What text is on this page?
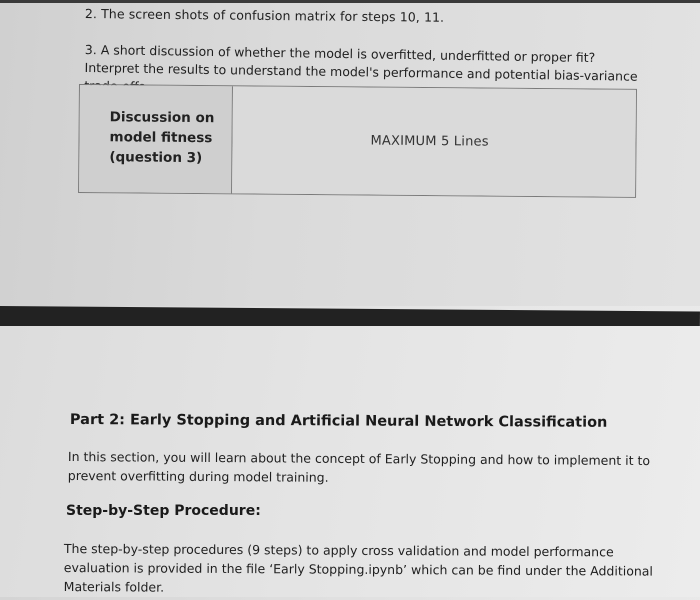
2. The screen shots of confusion matrix for steps 10, 11.
3. A short discussion of whether the model is overfitted, underfitted or proper fit? Interpret the results to understand the model's performance and potential bias-variance
Discussion on
model fitness
(question 3)
MAXIMUM 5 Lines
Part 2: Early Stopping and Artificial Neural Network Classification
In this section, you will learn about the concept of Early Stopping and how to implement it to prevent overfitting during model training.
Step-by-Step Procedure:
The step-by-step procedures (9 steps) to apply cross validation and model performance evaluation is provided in the file ‘Early Stopping.ipynb’ which can be find under the Additional Materials folder.
